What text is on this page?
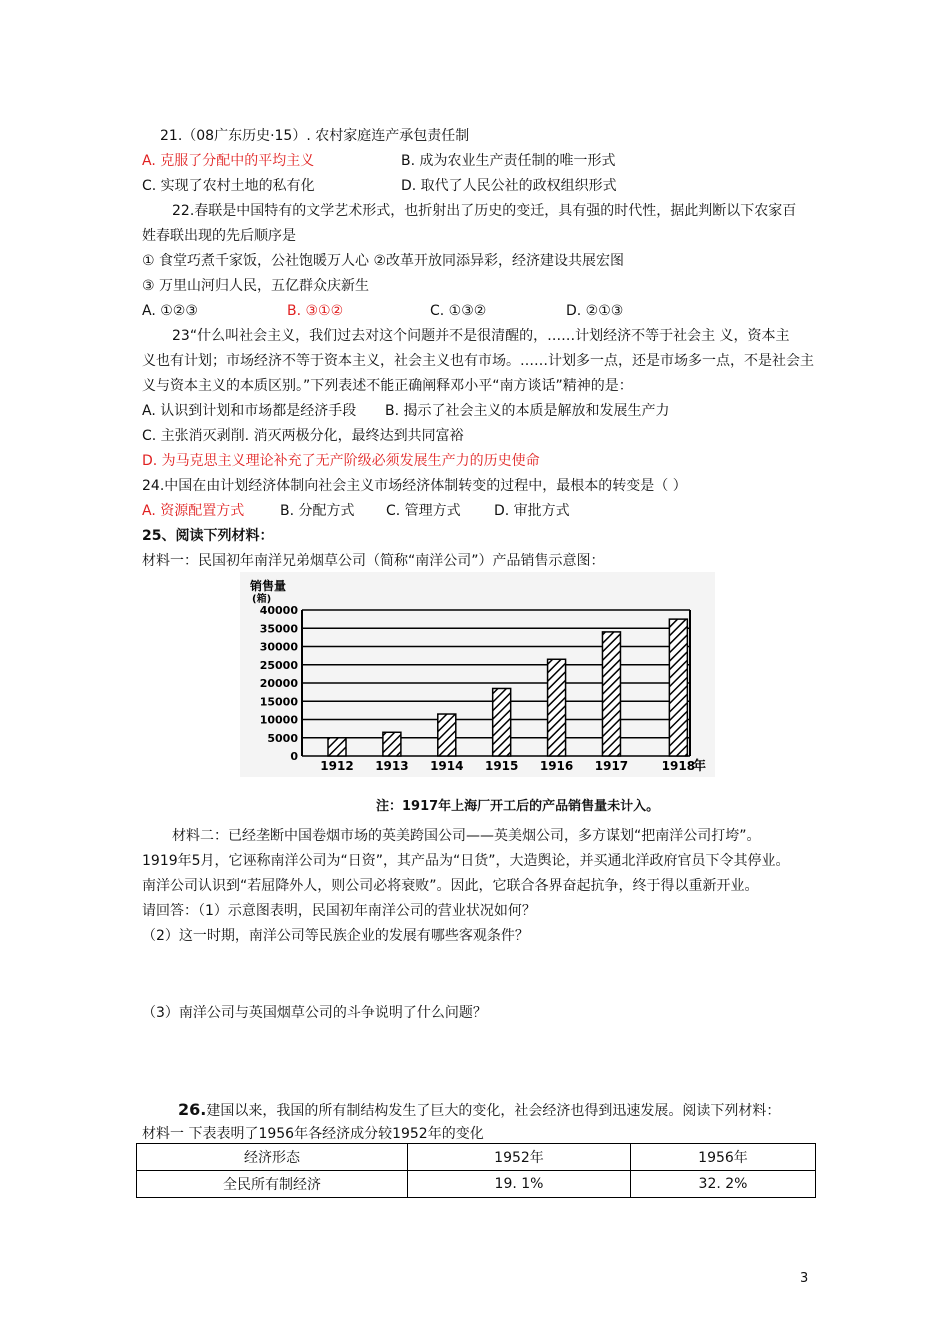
21.（08广东历史·15）. 农村家庭连产承包责任制
A. 克服了分配中的平均主义	B. 成为农业生产责任制的唯一形式
C. 实现了农村土地的私有化	D. 取代了人民公社的政权组织形式
22.春联是中国特有的文学艺术形式，也折射出了历史的变迁，具有强的时代性，据此判断以下农家百
姓春联出现的先后顺序是
① 食堂巧煮千家饭，公社饱暖万人心 ②改革开放同添异彩，经济建设共展宏图
③ 万里山河归人民，五亿群众庆新生
A. ①②③	B. ③①②	C. ①③②	D. ②①③
23“什么叫社会主义，我们过去对这个问题并不是很清醒的，……计划经济不等于社会主 义，资本主
义也有计划；市场经济不等于资本主义，社会主义也有市场。……计划多一点，还是市场多一点，不是社会主
义与资本主义的本质区别。”下列表述不能正确阐释邓小平“南方谈话”精神的是：
A. 认识到计划和市场都是经济手段 B. 揭示了社会主义的本质是解放和发展生产力
C. 主张消灭剥削. 消灭两极分化，最终达到共同富裕
D. 为马克思主义理论补充了无产阶级必须发展生产力的历史使命
24.中国在由计划经济体制向社会主义市场经济体制转变的过程中，最根本的转变是（ ）
A. 资源配置方式	B. 分配方式 C. 管理方式 D. 审批方式
25、阅读下列材料：
材料一：民国初年南洋兄弟烟草公司（简称“南洋公司”）产品销售示意图：
销售量
(箱)
0
5000
10000
15000
20000
25000
30000
35000
40000
1912 1913 1914 1915 1916 1917	1918
年
注：1917年上海厂开工后的产品销售量未计入。
材料二：已经垄断中国卷烟市场的英美跨国公司——英美烟公司，多方谋划“把南洋公司打垮”。
1919年5月，它诬称南洋公司为“日资”，其产品为“日货”，大造舆论，并买通北洋政府官员下令其停业。
南洋公司认识到“若屈降外人，则公司必将衰败”。因此，它联合各界奋起抗争，终于得以重新开业。
请回答：（1）示意图表明，民国初年南洋公司的营业状况如何？
（2）这一时期，南洋公司等民族企业的发展有哪些客观条件？
（3）南洋公司与英国烟草公司的斗争说明了什么问题？
26.建国以来，我国的所有制结构发生了巨大的变化，社会经济也得到迅速发展。阅读下列材料：
材料一 下表表明了1956年各经济成分较1952年的变化
经济形态	1952年	1956年
全民所有制经济	19. 1%	32. 2%
3
